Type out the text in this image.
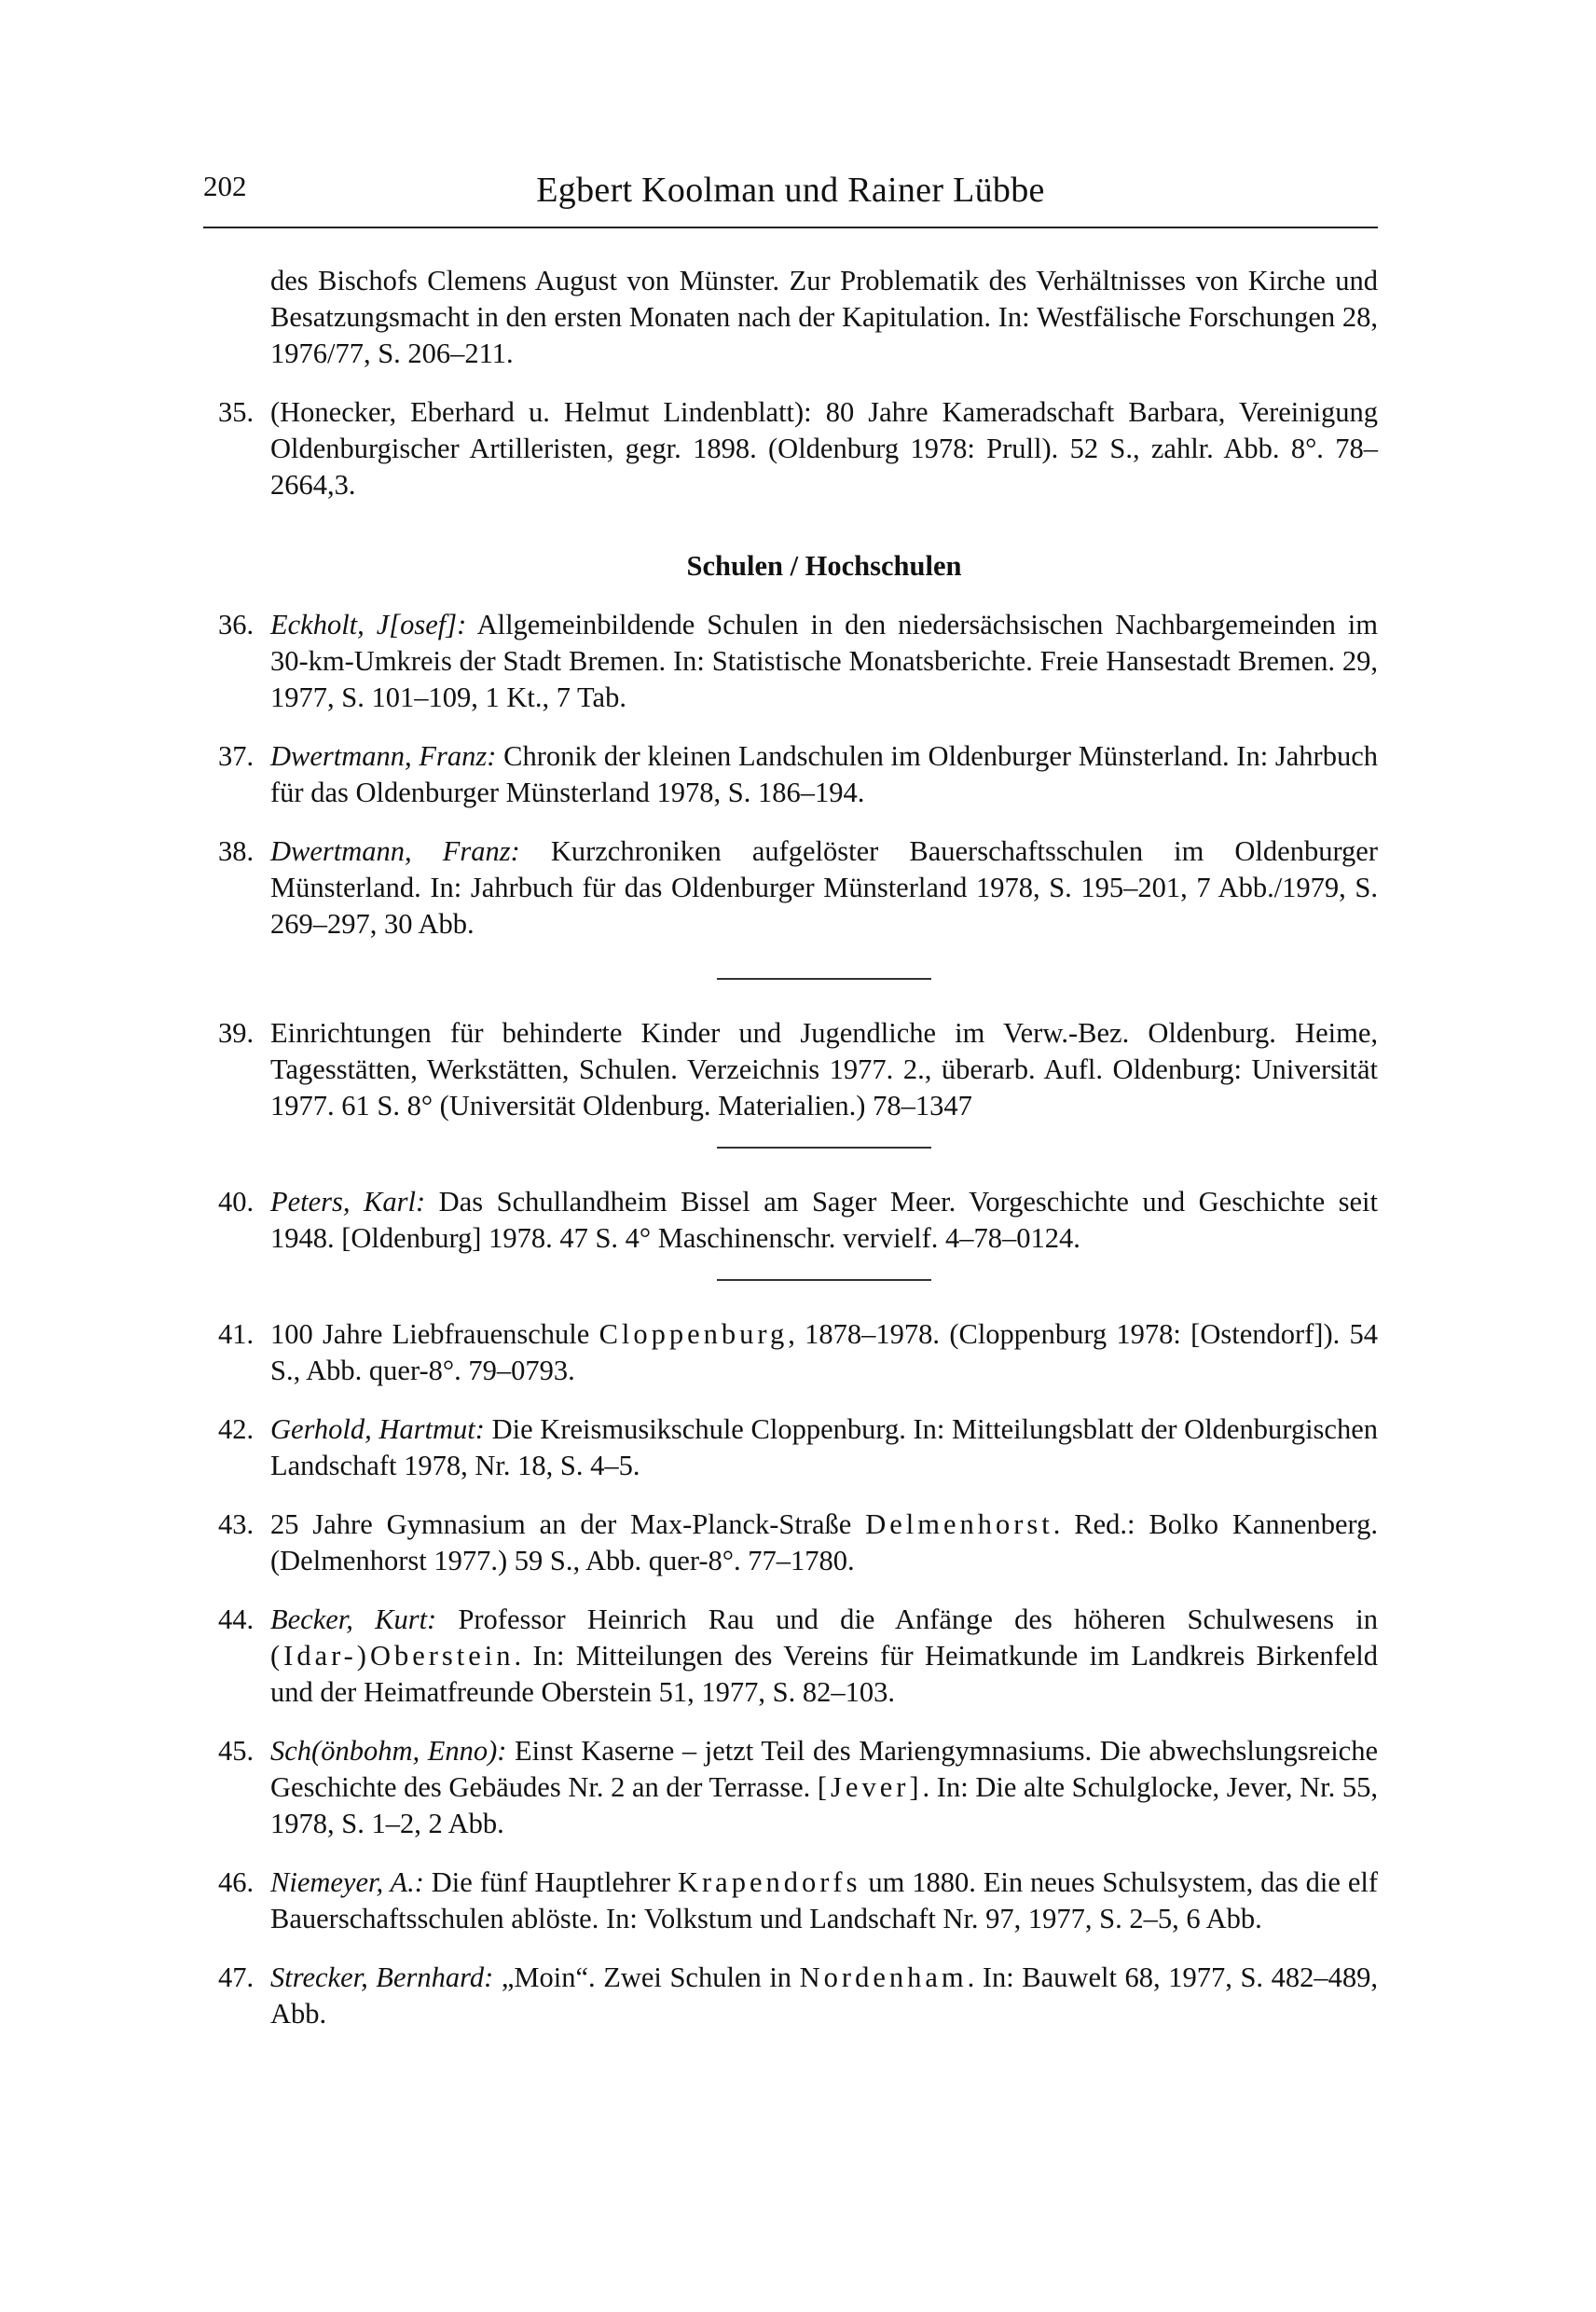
202	Egbert Koolman und Rainer Lübbe
des Bischofs Clemens August von Münster. Zur Problematik des Verhältnisses von Kirche und Besatzungsmacht in den ersten Monaten nach der Kapitulation. In: Westfälische Forschungen 28, 1976/77, S. 206–211.
35. (Honecker, Eberhard u. Helmut Lindenblatt): 80 Jahre Kameradschaft Barbara, Vereinigung Oldenburgischer Artilleristen, gegr. 1898. (Oldenburg 1978: Prull). 52 S., zahlr. Abb. 8°. 78–2664,3.
Schulen / Hochschulen
36. Eckholt, J[osef]: Allgemeinbildende Schulen in den niedersächsischen Nachbargemeinden im 30-km-Umkreis der Stadt Bremen. In: Statistische Monatsberichte. Freie Hansestadt Bremen. 29, 1977, S. 101–109, 1 Kt., 7 Tab.
37. Dwertmann, Franz: Chronik der kleinen Landschulen im Oldenburger Münsterland. In: Jahrbuch für das Oldenburger Münsterland 1978, S. 186–194.
38. Dwertmann, Franz: Kurzchroniken aufgelöster Bauerschaftsschulen im Oldenburger Münsterland. In: Jahrbuch für das Oldenburger Münsterland 1978, S. 195–201, 7 Abb./1979, S. 269–297, 30 Abb.
39. Einrichtungen für behinderte Kinder und Jugendliche im Verw.-Bez. Oldenburg. Heime, Tagesstätten, Werkstätten, Schulen. Verzeichnis 1977. 2., überarb. Aufl. Oldenburg: Universität 1977. 61 S. 8° (Universität Oldenburg. Materialien.) 78–1347
40. Peters, Karl: Das Schullandheim Bissel am Sager Meer. Vorgeschichte und Geschichte seit 1948. [Oldenburg] 1978. 47 S. 4° Maschinenschr. vervielf. 4–78–0124.
41. 100 Jahre Liebfrauenschule Cloppenburg, 1878–1978. (Cloppenburg 1978: [Ostendorf]). 54 S., Abb. quer-8°. 79–0793.
42. Gerhold, Hartmut: Die Kreismusikschule Cloppenburg. In: Mitteilungsblatt der Oldenburgischen Landschaft 1978, Nr. 18, S. 4–5.
43. 25 Jahre Gymnasium an der Max-Planck-Straße Delmenhorst. Red.: Bolko Kannenberg. (Delmenhorst 1977.) 59 S., Abb. quer-8°. 77–1780.
44. Becker, Kurt: Professor Heinrich Rau und die Anfänge des höheren Schulwesens in (Idar-)Oberstein. In: Mitteilungen des Vereins für Heimatkunde im Landkreis Birkenfeld und der Heimatfreunde Oberstein 51, 1977, S. 82–103.
45. Sch(önbohm, Enno): Einst Kaserne – jetzt Teil des Mariengymnasiums. Die abwechslungsreiche Geschichte des Gebäudes Nr. 2 an der Terrasse. [Jever]. In: Die alte Schulglocke, Jever, Nr. 55, 1978, S. 1–2, 2 Abb.
46. Niemeyer, A.: Die fünf Hauptlehrer Krapendorfs um 1880. Ein neues Schulsystem, das die elf Bauerschaftsschulen ablöste. In: Volkstum und Landschaft Nr. 97, 1977, S. 2–5, 6 Abb.
47. Strecker, Bernhard: „Moin“. Zwei Schulen in Nordenham. In: Bauwelt 68, 1977, S. 482–489, Abb.
